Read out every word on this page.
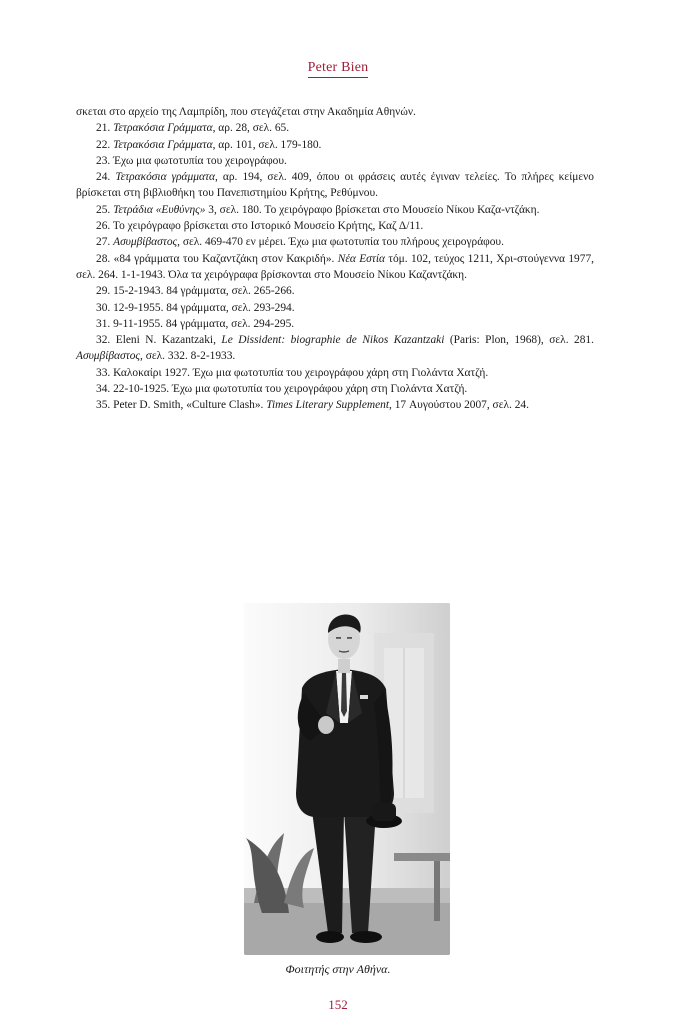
Peter Bien

σκεται στο αρχείο της Λαμπρίδη, που στεγάζεται στην Ακαδημία Αθηνών.

21. Τετρακόσια Γράμματα, αρ. 28, σελ. 65.

22. Τετρακόσια Γράμματα, αρ. 101, σελ. 179-180.

23. Έχω μια φωτοτυπία του χειρογράφου.

24. Τετρακόσια γράμματα, αρ. 194, σελ. 409, όπου οι φράσεις αυτές έγιναν τελείες. Το πλήρες κείμενο βρίσκεται στη βιβλιοθήκη του Πανεπιστημίου Κρήτης, Ρεθύμνου.

25. Τετράδια «Ευθύνης» 3, σελ. 180. Το χειρόγραφο βρίσκεται στο Μουσείο Νίκου Καζα-ντζάκη.

26. Το χειρόγραφο βρίσκεται στο Ιστορικό Μουσείο Κρήτης, Καζ Δ/11.

27. Ασυμβίβαστος, σελ. 469-470 εν μέρει. Έχω μια φωτοτυπία του πλήρους χειρογράφου.

28. «84 γράμματα του Καζαντζάκη στον Κακριδή». Νέα Εστία τόμ. 102, τεύχος 1211, Χρι-στούγεννα 1977, σελ. 264. 1-1-1943. Όλα τα χειρόγραφα βρίσκονται στο Μουσείο Νίκου Καζαντζάκη.

29. 15-2-1943. 84 γράμματα, σελ. 265-266.

30. 12-9-1955. 84 γράμματα, σελ. 293-294.

31. 9-11-1955. 84 γράμματα, σελ. 294-295.

32. Eleni N. Kazantzaki, Le Dissident: biographie de Nikos Kazantzaki (Paris: Plon, 1968), σελ. 281. Ασυμβίβαστος, σελ. 332. 8-2-1933.

33. Καλοκαίρι 1927. Έχω μια φωτοτυπία του χειρογράφου χάρη στη Γιολάντα Χατζή.

34. 22-10-1925. Έχω μια φωτοτυπία του χειρογράφου χάρη στη Γιολάντα Χατζή.

35. Peter D. Smith, «Culture Clash». Times Literary Supplement, 17 Αυγούστου 2007, σελ. 24.

Φοιτητής στην Αθήνα.
152
